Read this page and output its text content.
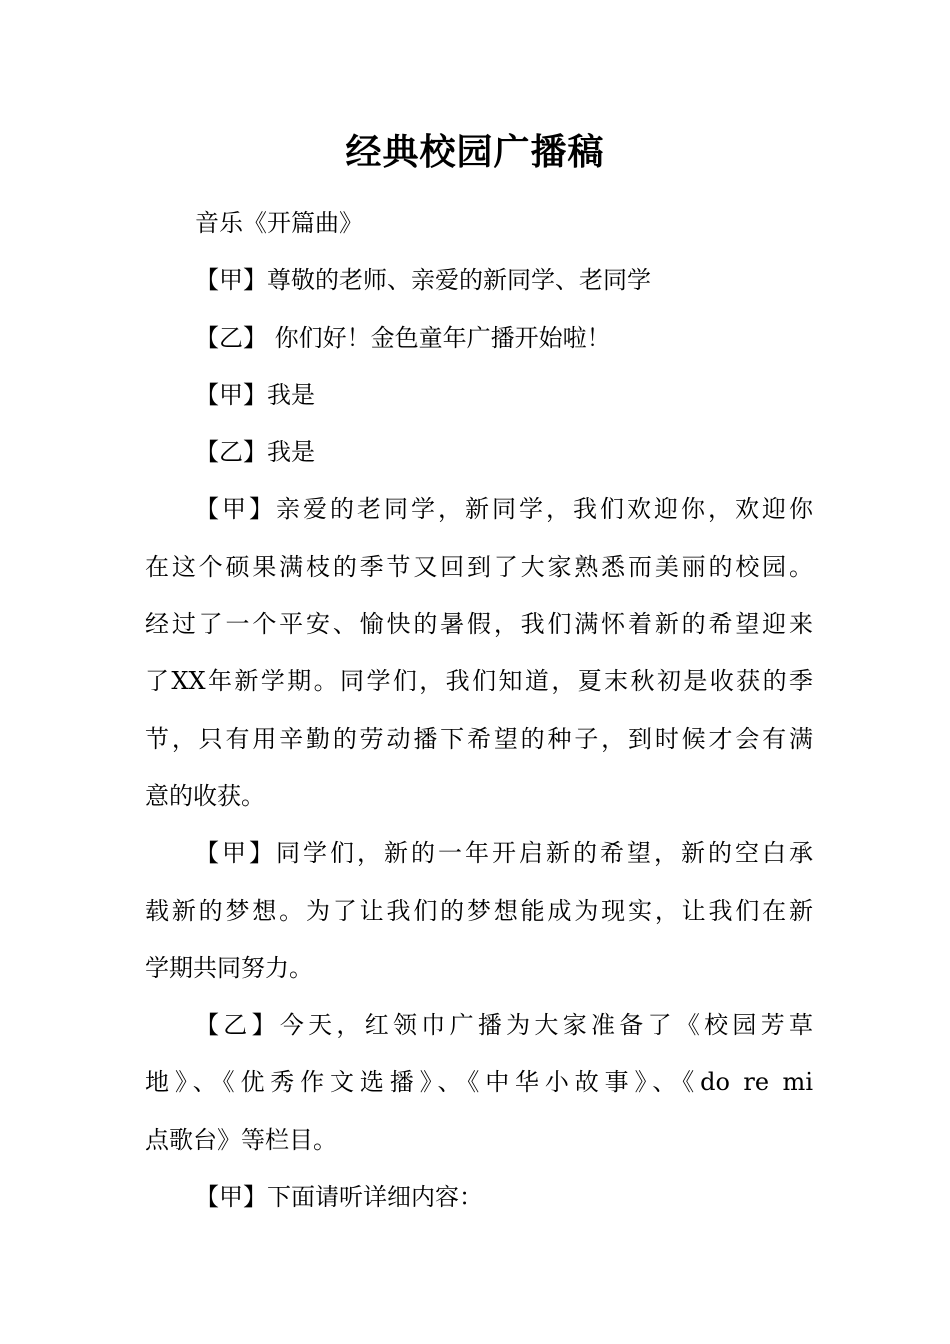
经典校园广播稿
音乐《开篇曲》
【甲】尊敬的老师、亲爱的新同学、老同学
【乙】 你们好！金色童年广播开始啦！
【甲】我是
【乙】我是
【甲】亲爱的老同学，新同学，我们欢迎你，欢迎你
在这个硕果满枝的季节又回到了大家熟悉而美丽的校园。
经过了一个平安、愉快的暑假，我们满怀着新的希望迎来
了XX年新学期。同学们，我们知道，夏末秋初是收获的季
节，只有用辛勤的劳动播下希望的种子，到时候才会有满
意的收获。
【甲】同学们，新的一年开启新的希望，新的空白承
载新的梦想。为了让我们的梦想能成为现实，让我们在新
学期共同努力。
【乙】今天，红领巾广播为大家准备了《校园芳草
地》、《优秀作文选播》、《中华小故事》、《do re mi
点歌台》等栏目。
【甲】下面请听详细内容：
